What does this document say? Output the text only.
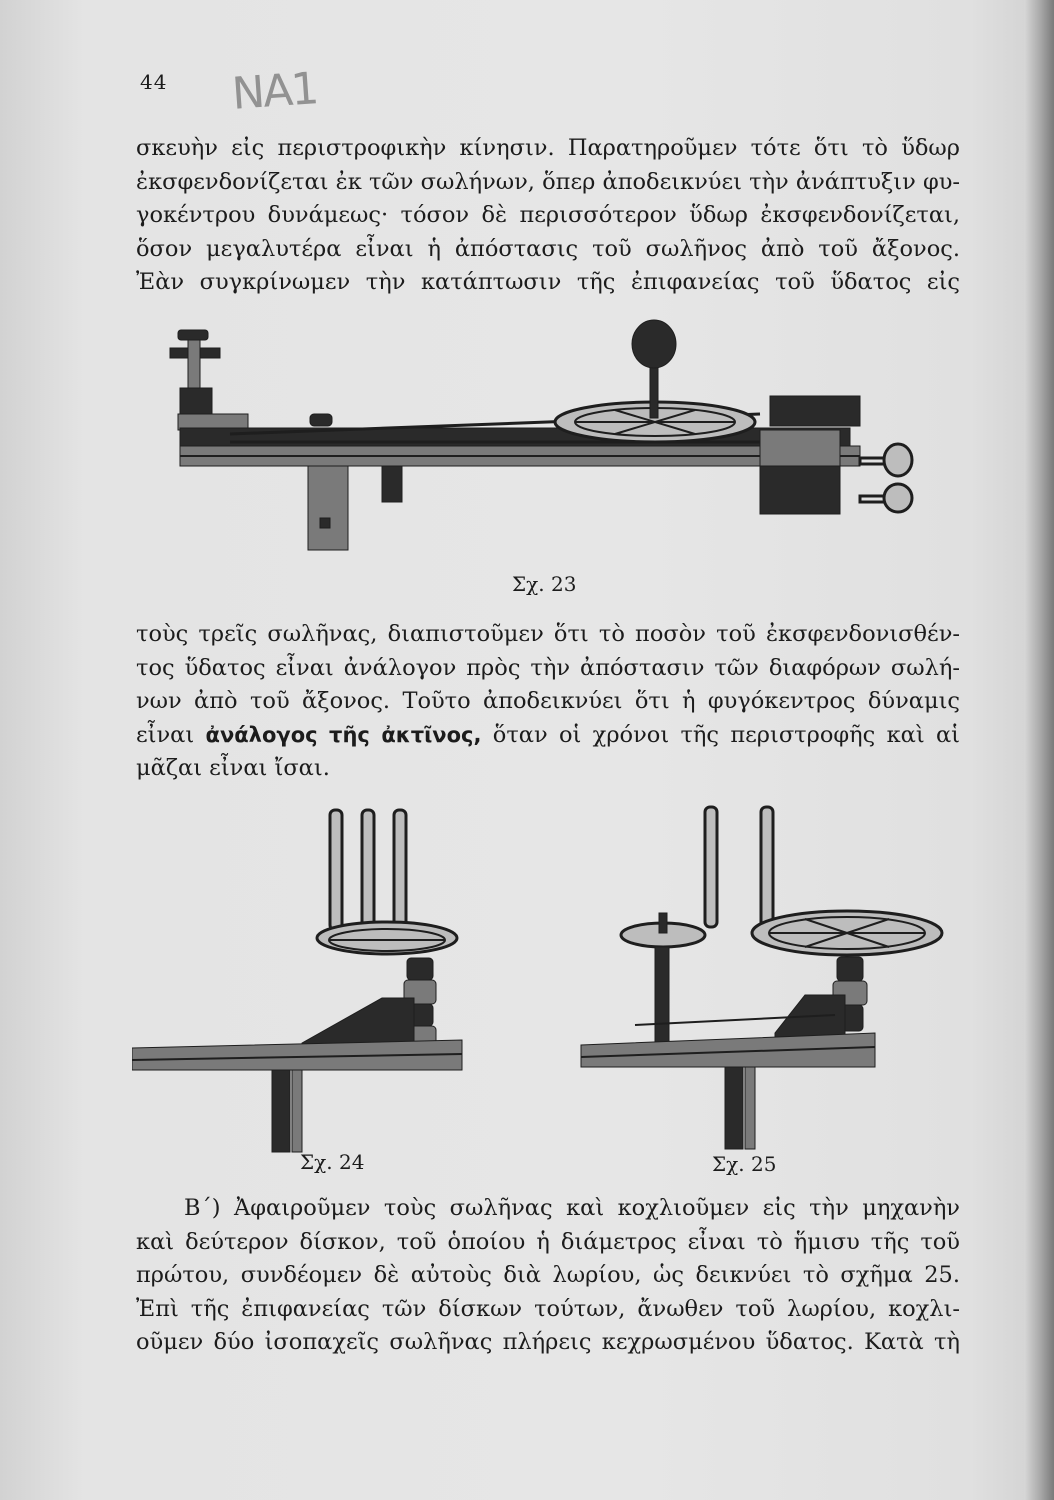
44 NA1
σκευὴν εἰς περιστροφικὴν κίνησιν. Παρατηροῦμεν τότε ὅτι τὸ ὕδωρ
ἐκσφενδονίζεται ἐκ τῶν σωλήνων, ὅπερ ἀποδεικνύει τὴν ἀνάπτυξιν φυ-
γοκέντρου δυνάμεως· τόσον δὲ περισσότερον ὕδωρ ἐκσφενδονίζεται,
ὅσον μεγαλυτέρα εἶναι ἡ ἀπόστασις τοῦ σωλῆνος ἀπὸ τοῦ ἄξονος.
Ἐὰν συγκρίνωμεν τὴν κατάπτωσιν τῆς ἐπιφανείας τοῦ ὕδατος εἰς
Σχ. 23
τοὺς τρεῖς σωλῆνας, διαπιστοῦμεν ὅτι τὸ ποσὸν τοῦ ἐκσφενδονισθέν-
τος ὕδατος εἶναι ἀνάλογον πρὸς τὴν ἀπόστασιν τῶν διαφόρων σωλή-
νων ἀπὸ τοῦ ἄξονος. Τοῦτο ἀποδεικνύει ὅτι ἡ φυγόκεντρος δύναμις
εἶναι ἀνάλογος τῆς ἀκτῖνος, ὅταν οἱ χρόνοι τῆς περιστροφῆς καὶ αἱ
μᾶζαι εἶναι ἴσαι.
Σχ. 24	Σχ. 25
Β΄) Ἀφαιροῦμεν τοὺς σωλῆνας καὶ κοχλιοῦμεν εἰς τὴν μηχανὴν
καὶ δεύτερον δίσκον, τοῦ ὁποίου ἡ διάμετρος εἶναι τὸ ἥμισυ τῆς τοῦ
πρώτου, συνδέομεν δὲ αὐτοὺς διὰ λωρίου, ὡς δεικνύει τὸ σχῆμα 25.
Ἐπὶ τῆς ἐπιφανείας τῶν δίσκων τούτων, ἄνωθεν τοῦ λωρίου, κοχλι-
οῦμεν δύο ἰσοπαχεῖς σωλῆνας πλήρεις κεχρωσμένου ὕδατος. Κατὰ τὴ
